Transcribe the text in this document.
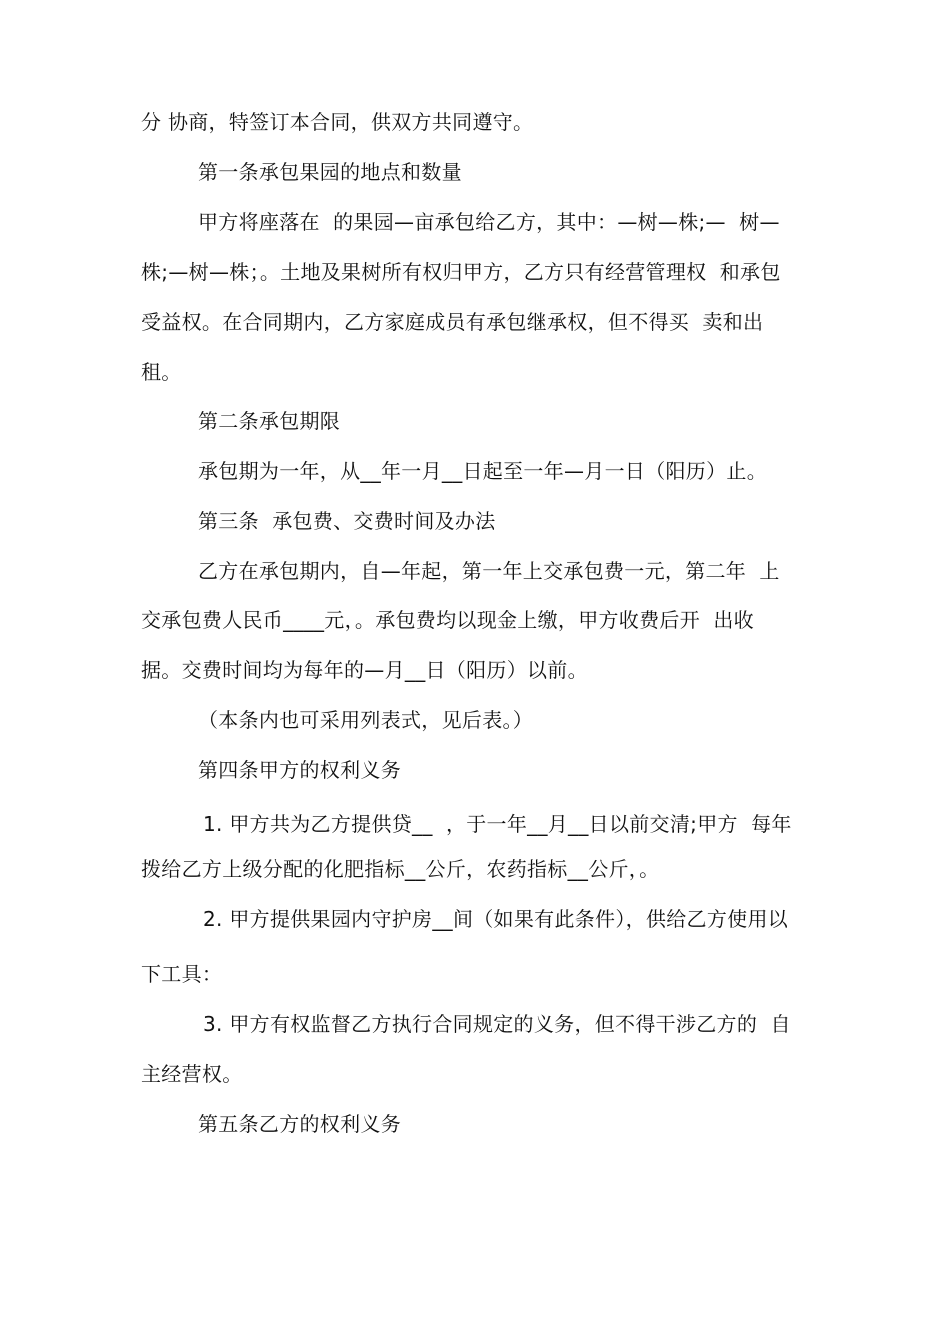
分 协商，特签订本合同，供双方共同遵守。
第一条承包果园的地点和数量
甲方将座落在  的果园—亩承包给乙方，其中：—树—株;—  树—
株;—树—株；。土地及果树所有权归甲方，乙方只有经营管理权  和承包
受益权。在合同期内，乙方家庭成员有承包继承权，但不得买  卖和出
租。
第二条承包期限
承包期为一年，从__年一月__日起至一年—月一日（阳历）止。
第三条  承包费、交费时间及办法
乙方在承包期内，自—年起，第一年上交承包费一元，第二年  上
交承包费人民币____元，。承包费均以现金上缴，甲方收费后开  出收
据。交费时间均为每年的—月__日（阳历）以前。
（本条内也可采用列表式，见后表。）
第四条甲方的权利义务
1. 甲方共为乙方提供贷__  ，于一年__月__日以前交清;甲方  每年
拨给乙方上级分配的化肥指标__公斤，农药指标__公斤，。
2. 甲方提供果园内守护房__间（如果有此条件），供给乙方使用以
下工具：
3. 甲方有权监督乙方执行合同规定的义务，但不得干涉乙方的  自
主经营权。
第五条乙方的权利义务
